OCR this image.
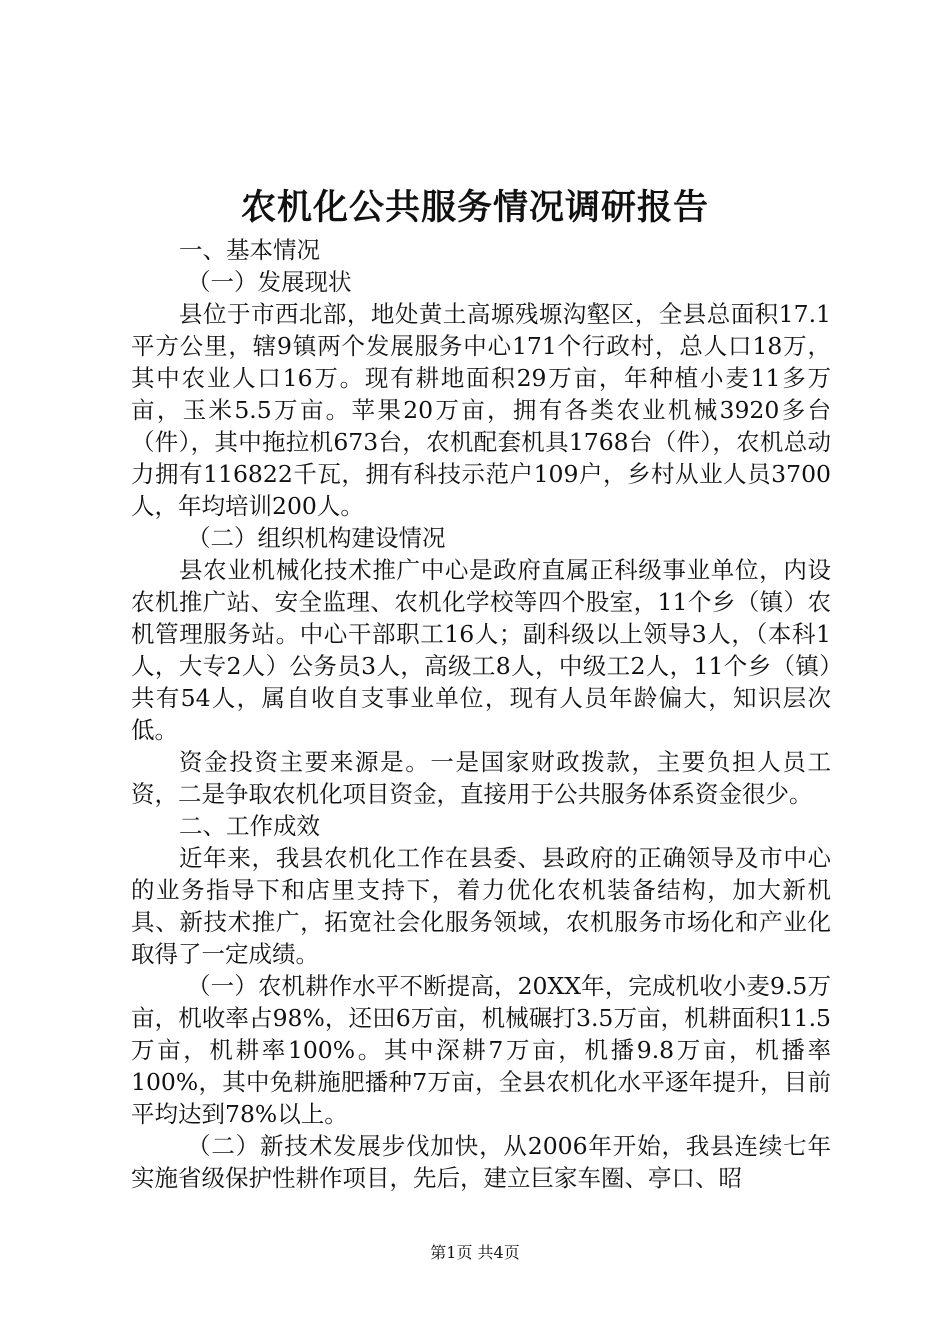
农机化公共服务情况调研报告

一、基本情况

（一）发展现状

县位于市西北部，地处黄土高塬残塬沟壑区，全县总面积17.1平方公里，辖9镇两个发展服务中心171个行政村，总人口18万，其中农业人口16万。现有耕地面积29万亩，年种植小麦11多万亩，玉米5.5万亩。苹果20万亩，拥有各类农业机械3920多台（件），其中拖拉机673台，农机配套机具1768台（件），农机总动力拥有116822千瓦，拥有科技示范户109户，乡村从业人员3700人，年均培训200人。

（二）组织机构建设情况

县农业机械化技术推广中心是政府直属正科级事业单位，内设农机推广站、安全监理、农机化学校等四个股室，11个乡（镇）农机管理服务站。中心干部职工16人；副科级以上领导3人，（本科1人，大专2人）公务员3人，高级工8人，中级工2人，11个乡（镇）共有54人，属自收自支事业单位，现有人员年龄偏大，知识层次低。

资金投资主要来源是。一是国家财政拨款，主要负担人员工资，二是争取农机化项目资金，直接用于公共服务体系资金很少。

二、工作成效

近年来，我县农机化工作在县委、县政府的正确领导及市中心的业务指导下和店里支持下，着力优化农机装备结构，加大新机具、新技术推广，拓宽社会化服务领域，农机服务市场化和产业化取得了一定成绩。

（一）农机耕作水平不断提高，20XX年，完成机收小麦9.5万亩，机收率占98%，还田6万亩，机械碾打3.5万亩，机耕面积11.5万亩，机耕率100%。其中深耕7万亩，机播9.8万亩，机播率100%，其中免耕施肥播种7万亩，全县农机化水平逐年提升，目前平均达到78%以上。

（二）新技术发展步伐加快，从2006年开始，我县连续七年实施省级保护性耕作项目，先后，建立巨家车圈、亭口、昭

第1页 共4页
